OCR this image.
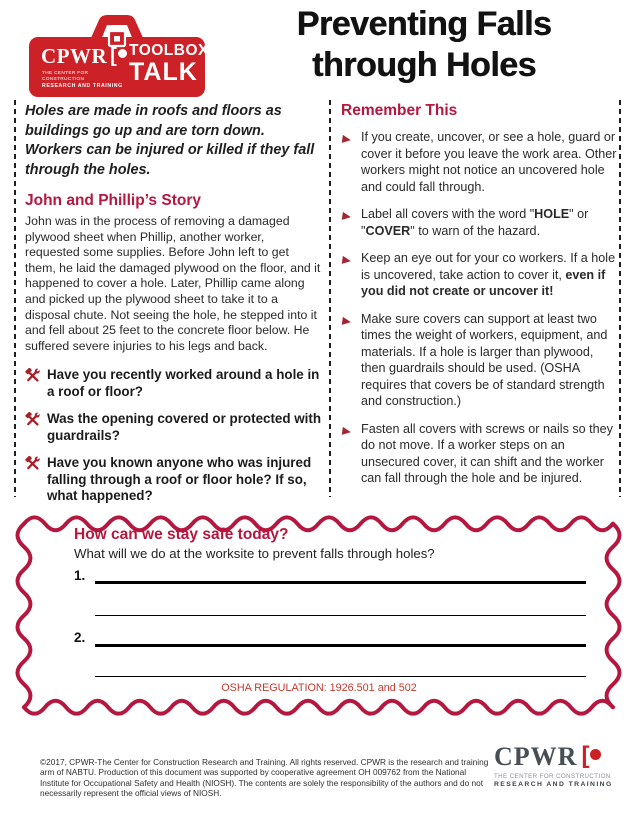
CPWR [
THE CENTER FOR CONSTRUCTION
RESEARCH AND TRAINING
TOOLBOX
TALK
Preventing Falls
through Holes

Holes are made in roofs and floors as buildings go up and are torn down. Workers can be injured or killed if they fall through the holes.

John and Phillip’s Story

John was in the process of removing a damaged plywood sheet when Phillip, another worker, requested some supplies. Before John left to get them, he laid the damaged plywood on the floor, and it happened to cover a hole. Later, Phillip came along and picked up the plywood sheet to take it to a disposal chute. Not seeing the hole, he stepped into it and fell about 25 feet to the concrete floor below. He suffered severe injuries to his legs and back.

Have you recently worked around a hole in a roof or floor?

Was the opening covered or protected with guardrails?

Have you known anyone who was injured falling through a roof or floor hole? If so, what happened?

Remember This

If you create, uncover, or see a hole, guard or cover it before you leave the work area. Other workers might not notice an uncovered hole and could fall through.

Label all covers with the word "HOLE" or "COVER" to warn of the hazard.

Keep an eye out for your co workers. If a hole is uncovered, take action to cover it, even if you did not create or uncover it!

Make sure covers can support at least two times the weight of workers, equipment, and materials. If a hole is larger than plywood, then guardrails should be used. (OSHA requires that covers be of standard strength and construction.)

Fasten all covers with screws or nails so they do not move. If a worker steps on an unsecured cover, it can shift and the worker can fall through the hole and be injured.

How can we stay safe today?
What will we do at the worksite to prevent falls through holes?
1.
2.
OSHA REGULATION: 1926.501 and 502
©2017, CPWR-The Center for Construction Research and Training. All rights reserved. CPWR is the research and training arm of NABTU. Production of this document was supported by cooperative agreement OH 009762 from the National Institute for Occupational Safety and Health (NIOSH). The contents are solely the responsibility of the authors and do not necessarily represent the official views of NIOSH.
CPWR [
THE CENTER FOR CONSTRUCTION
RESEARCH AND TRAINING
